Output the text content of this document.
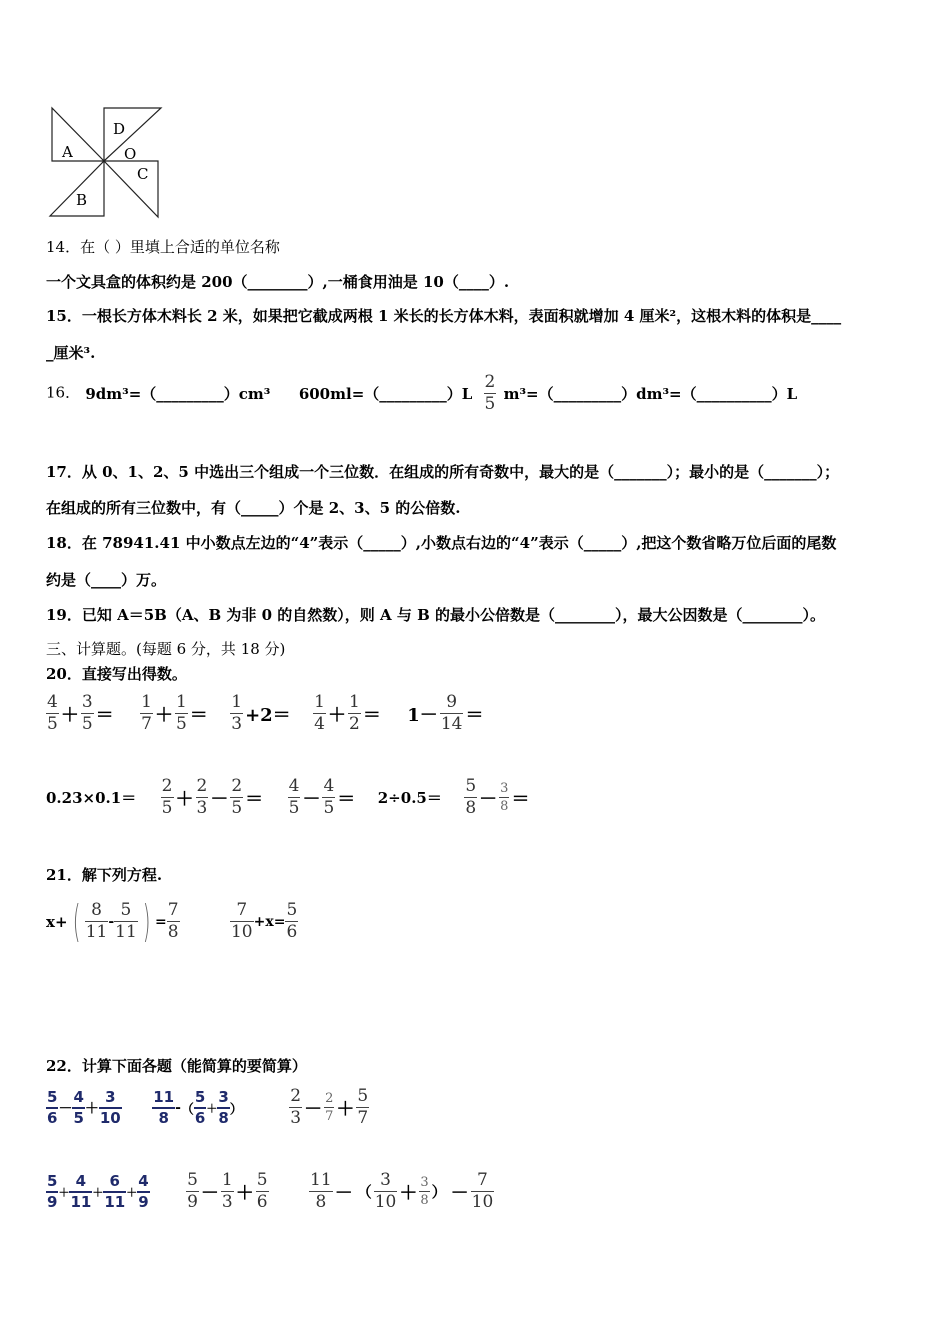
D
A	O
C
B
14．在（ ）里填上合适的单位名称
一个文具盒的体积约是 200（________）,一桶食用油是 10（____）.
15．一根长方体木料长 2 米，如果把它截成两根 1 米长的长方体木料，表面积就增加 4 厘米²，这根木料的体积是____
_厘米³.
16． 9dm³=（_________）cm³ 600ml=（_________）L $\frac{2}{5}$ m³=（_________）dm³=（__________）L
17．从 0、1、2、5 中选出三个组成一个三位数．在组成的所有奇数中，最大的是（_______）；最小的是（_______）；
在组成的所有三位数中，有（_____）个是 2、3、5 的公倍数.
18．在 78941.41 中小数点左边的“4”表示（_____）,小数点右边的“4”表示（_____）,把这个数省略万位后面的尾数
约是（____）万。
19．已知 A＝5B（A、B 为非 0 的自然数），则 A 与 B 的最小公倍数是（________），最大公因数是（________）。
三、计算题。(每题 6 分，共 18 分)
20．直接写出得数。
$\frac{4}{5} + \frac{3}{5} = \frac{1}{7} + \frac{1}{5} = \frac{1}{3} +2= \frac{1}{4} + \frac{1}{2} = 1- \frac{9}{14}$ ＝
$0.23\times 0.1= \frac{2}{5} + \frac{2}{3} - \frac{2}{5} = \frac{4}{5} - \frac{4}{5} = 2\div 0.5= \frac{5}{8} - \frac{3}{8}$ ＝
21．解下列方程.
x+ ( $\frac{8}{11} - \frac{5}{11}$ ) = $\frac{7}{8}$
	$\frac{7}{10} +x= \frac{5}{6}$
22．计算下面各题（能简算的要简算）
$\frac{5}{6} - \frac{4}{5} + \frac{3}{10}$
$\frac{11}{8}$ -（ $\frac{5}{6} + \frac{3}{8}$ ）	$\frac{2}{3} - \frac{2}{7} + \frac{5}{7}$
$\frac{5}{9} + \frac{4}{11} + \frac{6}{11} + \frac{4}{9}$
$\frac{5}{9} - \frac{1}{3} + \frac{5}{6}$
$\frac{11}{8}$ － （ $\frac{3}{10} + \frac{3}{8}$ ） － $\frac{7}{10}$
